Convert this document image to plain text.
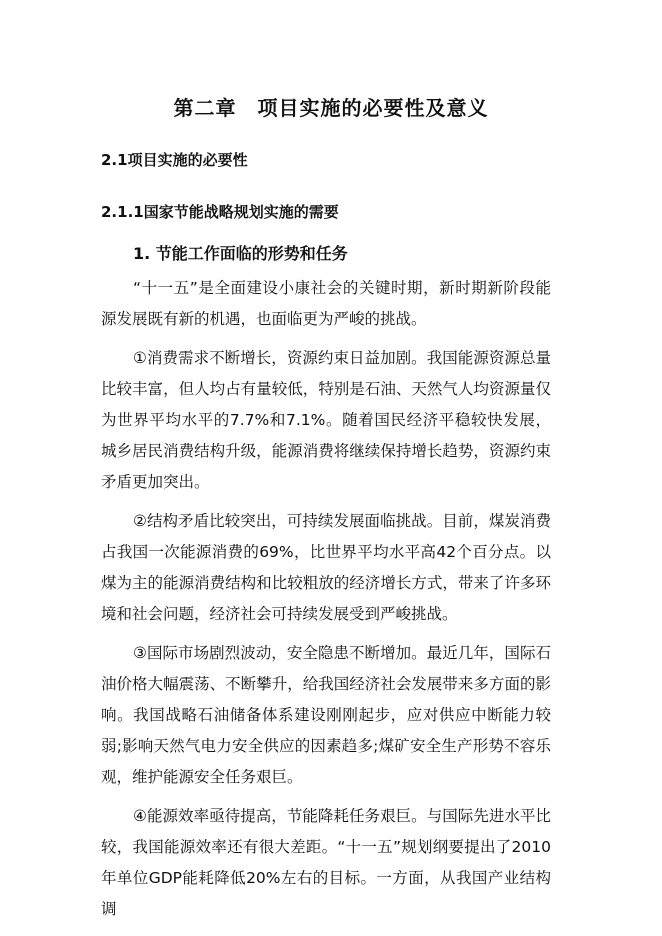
第二章　项目实施的必要性及意义
2.1项目实施的必要性
2.1.1国家节能战略规划实施的需要
1. 节能工作面临的形势和任务

“十一五”是全面建设小康社会的关键时期，新时期新阶段能源发展既有新的机遇，也面临更为严峻的挑战。

①消费需求不断增长，资源约束日益加剧。我国能源资源总量比较丰富，但人均占有量较低，特别是石油、天然气人均资源量仅为世界平均水平的7.7%和7.1%。随着国民经济平稳较快发展，城乡居民消费结构升级，能源消费将继续保持增长趋势，资源约束矛盾更加突出。

②结构矛盾比较突出，可持续发展面临挑战。目前，煤炭消费占我国一次能源消费的69%，比世界平均水平高42个百分点。以煤为主的能源消费结构和比较粗放的经济增长方式，带来了许多环境和社会问题，经济社会可持续发展受到严峻挑战。

③国际市场剧烈波动，安全隐患不断增加。最近几年，国际石油价格大幅震荡、不断攀升，给我国经济社会发展带来多方面的影响。我国战略石油储备体系建设刚刚起步，应对供应中断能力较弱;影响天然气电力安全供应的因素趋多;煤矿安全生产形势不容乐观，维护能源安全任务艰巨。

④能源效率亟待提高，节能降耗任务艰巨。与国际先进水平比较，我国能源效率还有很大差距。“十一五”规划纲要提出了2010年单位GDP能耗降低20%左右的目标。一方面，从我国产业结构调
